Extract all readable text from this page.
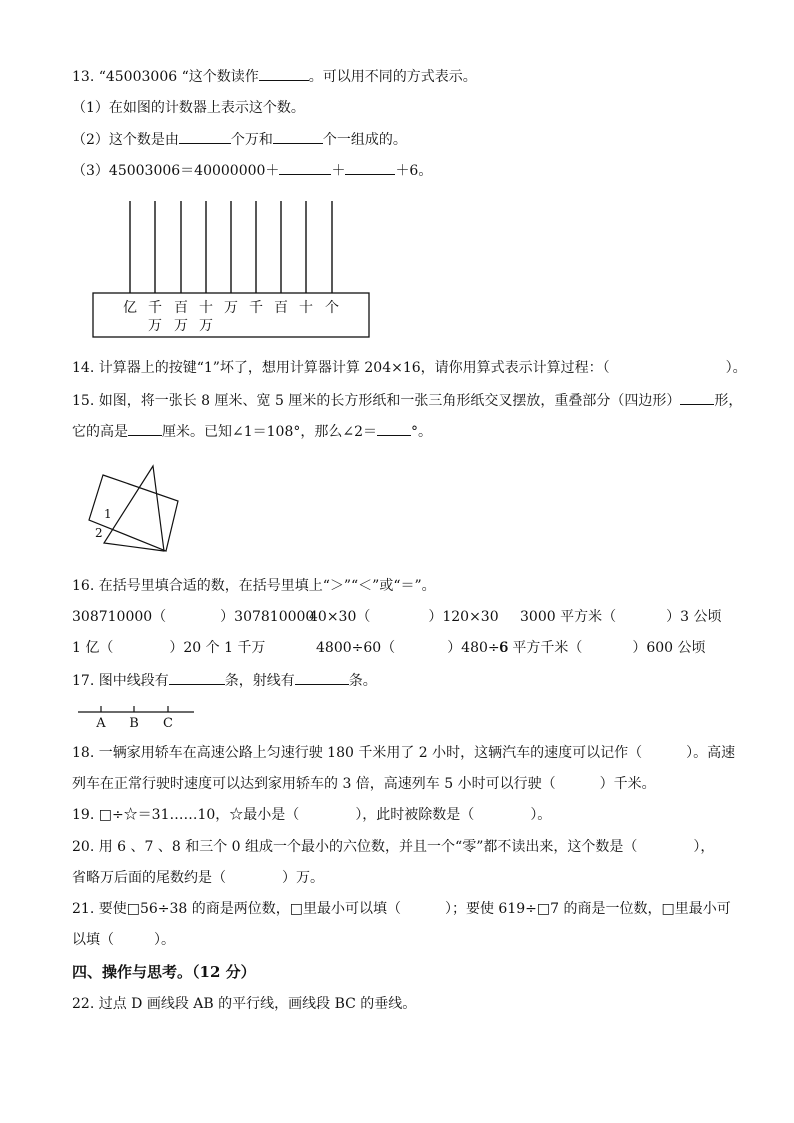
13. “45003006 “这个数读作	。可以用不同的方式表示。
（1）在如图的计数器上表示这个数。
（2）这个数是由	个万和	个一组成的。
（3）45003006＝40000000＋	＋	＋6。
亿 千 百 十 万 千 百 十 个
万 万 万
14. 计算器上的按键“1”坏了，想用计算器计算 204×16，请你用算式表示计算过程：（	）。
15. 如图，将一张长 8 厘米、宽 5 厘米的长方形纸和一张三角形纸交叉摆放，重叠部分（四边形） 形，
它的高是 厘米。已知∠1＝108°，那么∠2＝ °。
1
2
16. 在括号里填合适的数，在括号里填上“＞”“＜”或“＝”。
308710000（	）307810000
40×30（	）120×30 3000 平方米（	）3 公顷
1 亿（	）20 个 1 千万	4800÷60（	）480÷6
6 平方千米（	）600 公顷
17. 图中线段有	条，射线有	条。
A B C
18. 一辆家用轿车在高速公路上匀速行驶 180 千米用了 2 小时，这辆汽车的速度可以记作（	）。高速
列车在正常行驶时速度可以达到家用轿车的 3 倍，高速列车 5 小时可以行驶（	）千米。
19. □÷☆＝31……10，☆最小是（	），此时被除数是（	）。
20. 用 6 、7 、8 和三个 0 组成一个最小的六位数，并且一个“零”都不读出来，这个数是（	），
省略万后面的尾数约是（	）万。
21. 要使□56÷38 的商是两位数，□里最小可以填（	）；要使 619÷□7 的商是一位数，□里最小可
以填（	）。
四、操作与思考。（12 分）
22. 过点 D 画线段 AB 的平行线，画线段 BC 的垂线。
